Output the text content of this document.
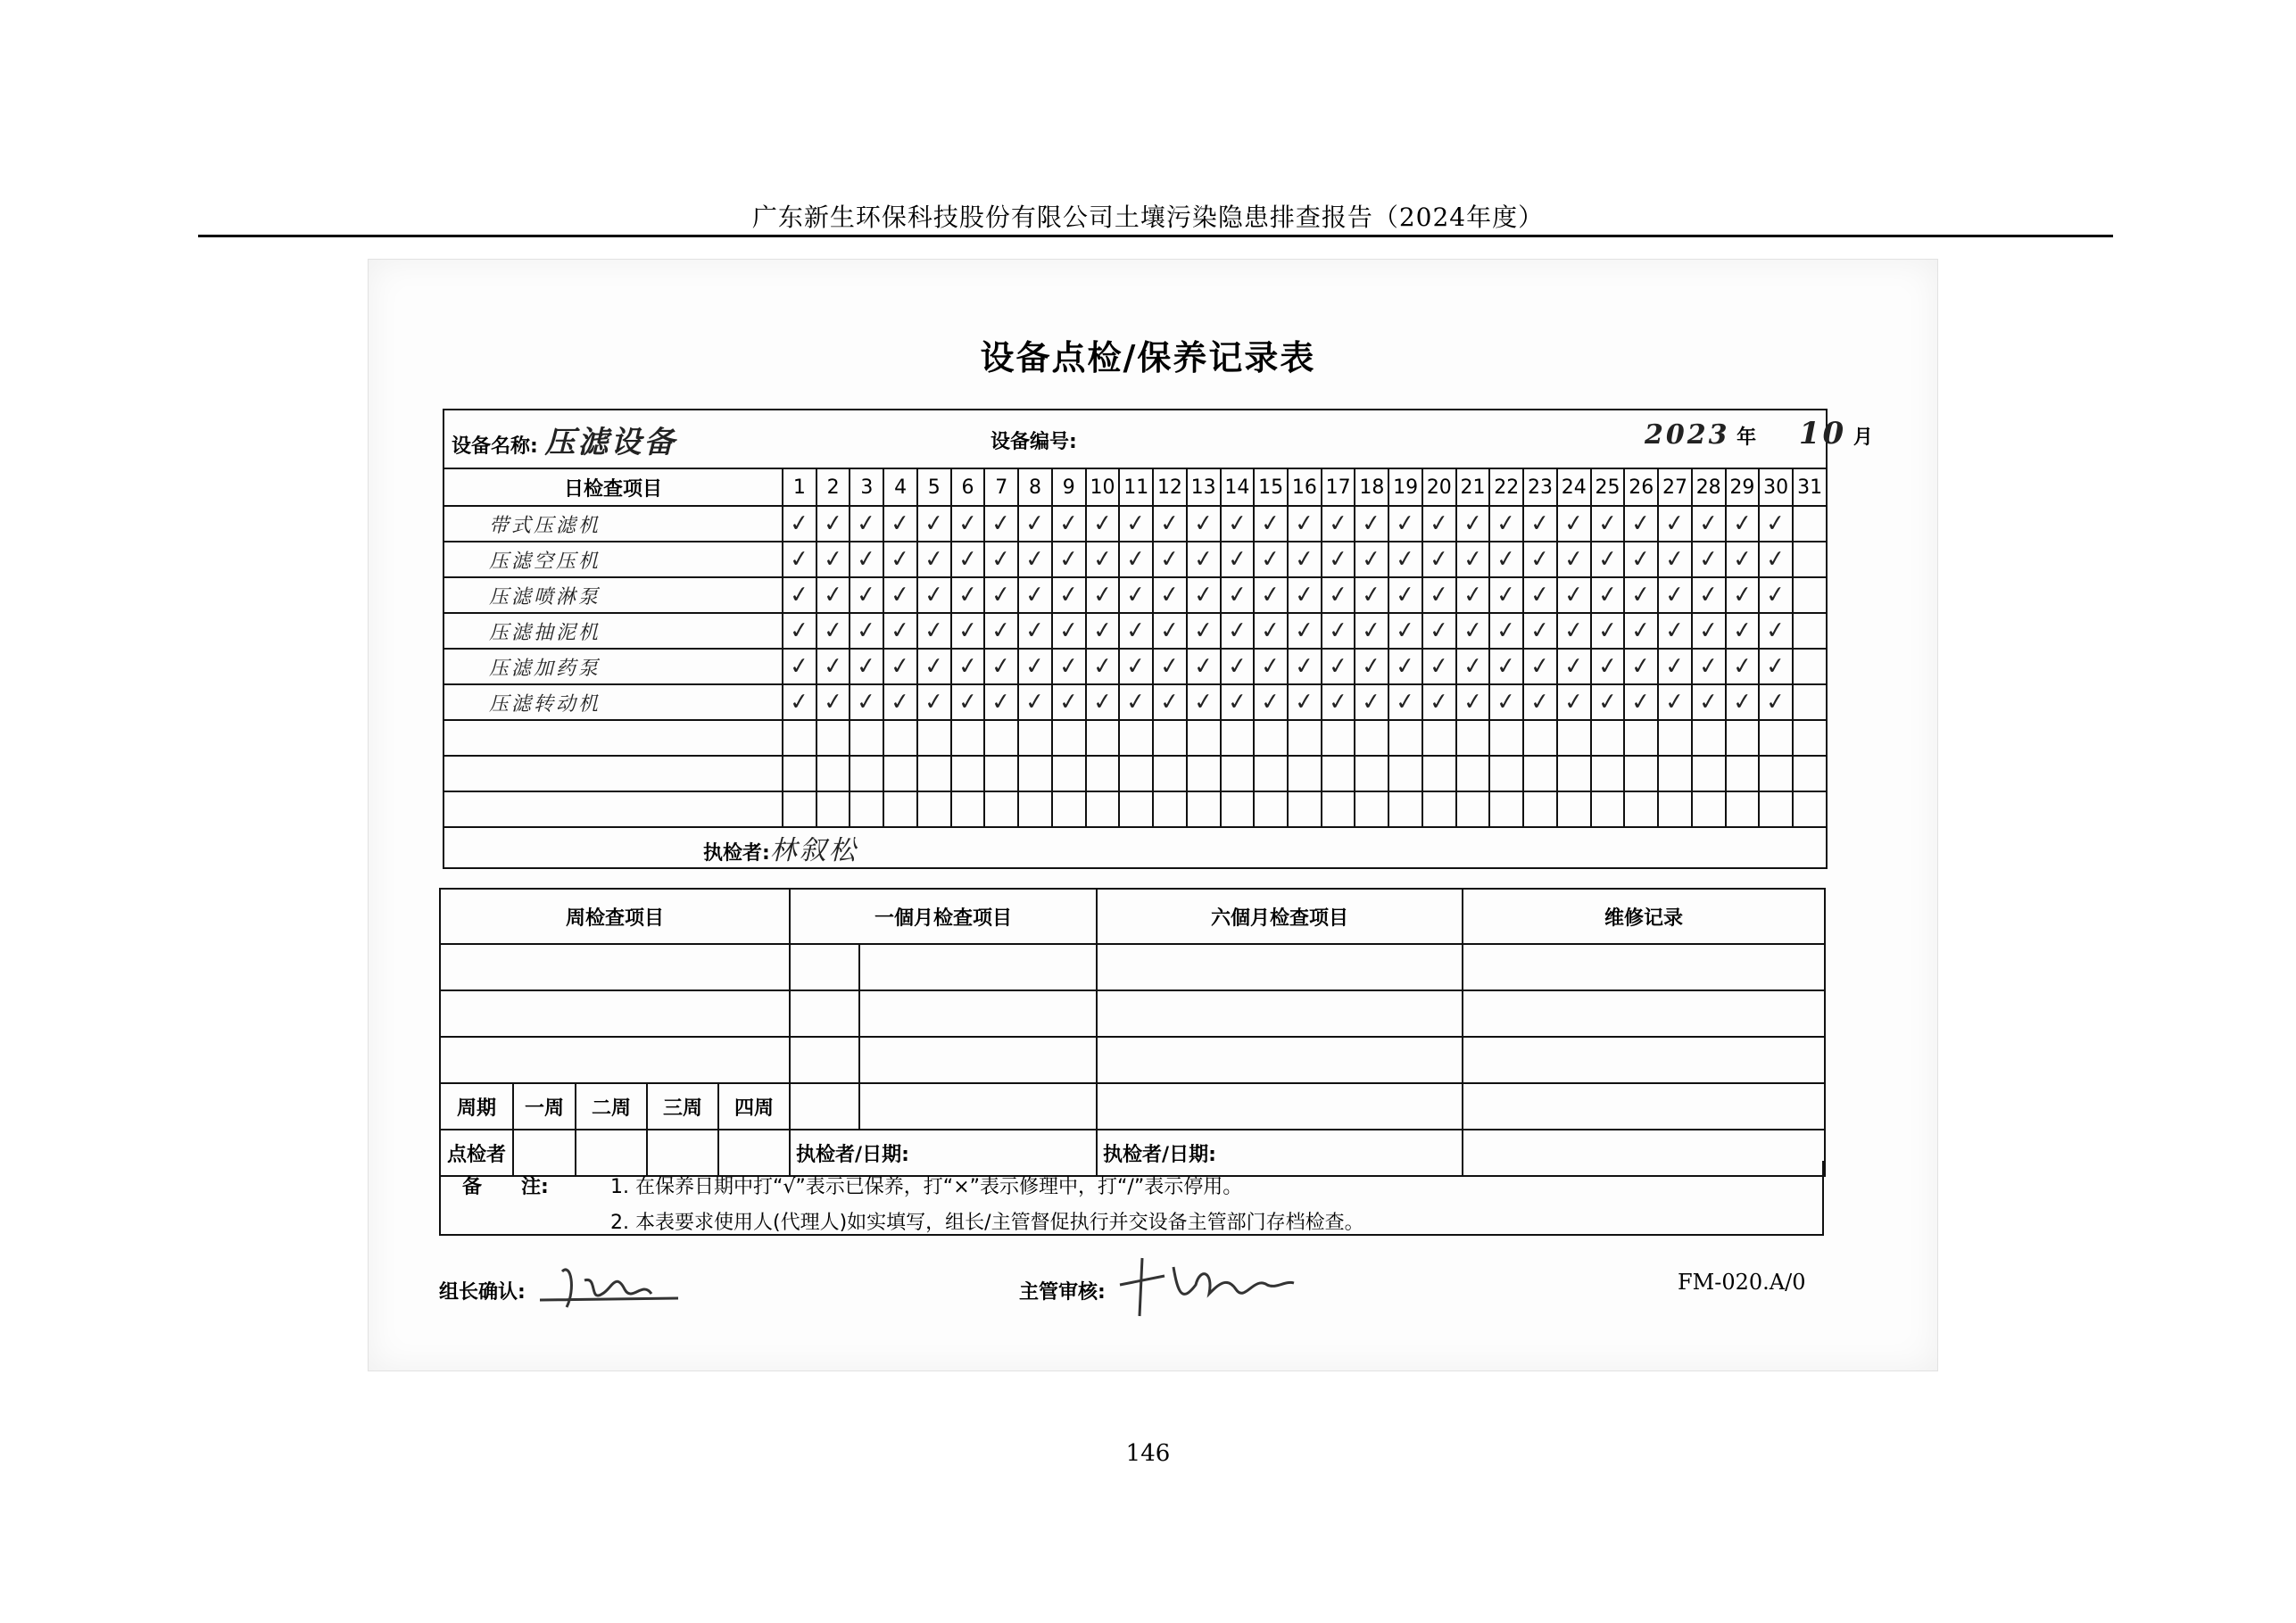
广东新生环保科技股份有限公司土壤污染隐患排查报告（2024年度）
设备点检/保养记录表
设备名称: 压滤设备 设备编号: 2023 年 10 月																															

日检查项目	1	2	3	4	5	6	7	8	9	10	11	12	13	14	15	16	17	18	19	20	21	22	23	24	25	26	27	28	29	30	31
带式压滤机	✓	✓	✓	✓	✓	✓	✓	✓	✓	✓	✓	✓	✓	✓	✓	✓	✓	✓	✓	✓	✓	✓	✓	✓	✓	✓	✓	✓	✓	✓	
压滤空压机	✓	✓	✓	✓	✓	✓	✓	✓	✓	✓	✓	✓	✓	✓	✓	✓	✓	✓	✓	✓	✓	✓	✓	✓	✓	✓	✓	✓	✓	✓	
压滤喷淋泵	✓	✓	✓	✓	✓	✓	✓	✓	✓	✓	✓	✓	✓	✓	✓	✓	✓	✓	✓	✓	✓	✓	✓	✓	✓	✓	✓	✓	✓	✓	
压滤抽泥机	✓	✓	✓	✓	✓	✓	✓	✓	✓	✓	✓	✓	✓	✓	✓	✓	✓	✓	✓	✓	✓	✓	✓	✓	✓	✓	✓	✓	✓	✓	
压滤加药泵	✓	✓	✓	✓	✓	✓	✓	✓	✓	✓	✓	✓	✓	✓	✓	✓	✓	✓	✓	✓	✓	✓	✓	✓	✓	✓	✓	✓	✓	✓	
压滤转动机	✓	✓	✓	✓	✓	✓	✓	✓	✓	✓	✓	✓	✓	✓	✓	✓	✓	✓	✓	✓	✓	✓	✓	✓	✓	✓	✓	✓	✓	✓	

执检者:林叙松																															
周检查项目					一個月检查项目		六個月检查项目	维修记录

周期	一周	二周	三周	四周				
点检者					执检者/日期:		执检者/日期:	
备　　注:	1. 在保养日期中打“√”表示已保养，打“×”表示修理中，打“/”表示停用。
2. 本表要求使用人(代理人)如实填写，组长/主管督促执行并交设备主管部门存档检查。
组长确认:	主管审核:	FM-020.A/0
146
